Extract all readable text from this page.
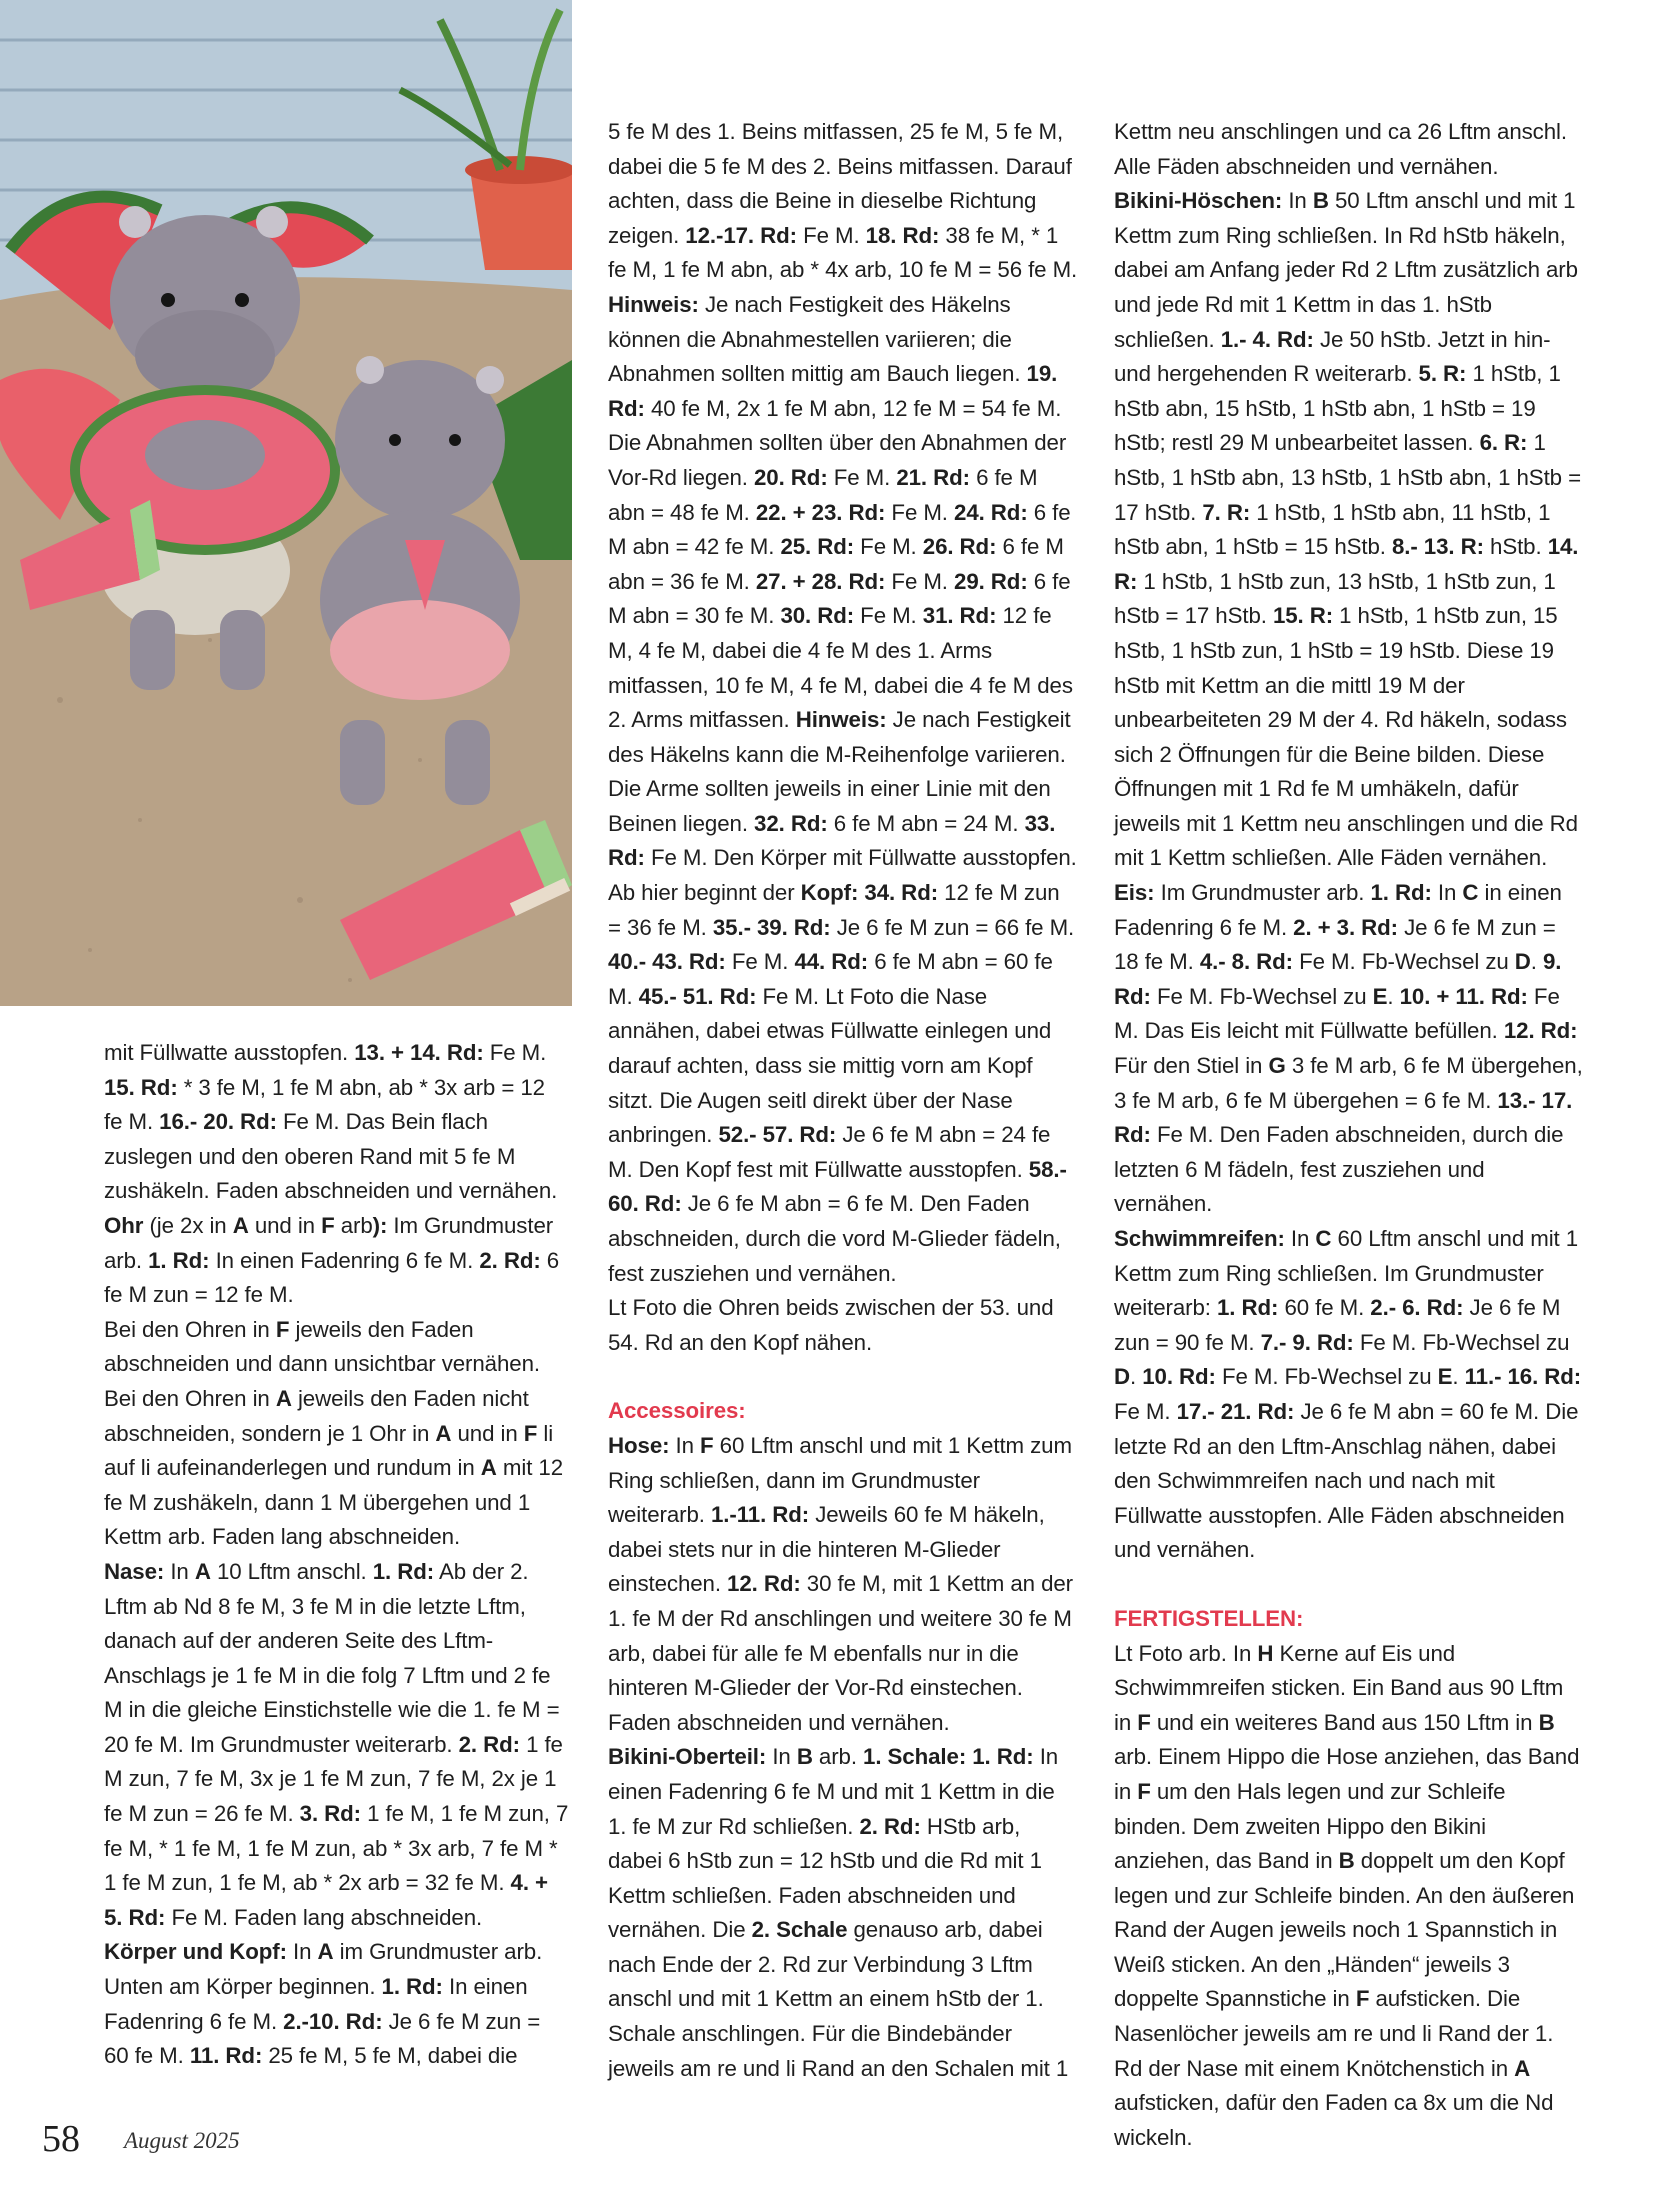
mit Füllwatte ausstopfen. 13. + 14. Rd: Fe M. 15. Rd: * 3 fe M, 1 fe M abn, ab * 3x arb = 12 fe M. 16.- 20. Rd: Fe M. Das Bein flach zuslegen und den oberen Rand mit 5 fe M zushäkeln. Faden abschneiden und vernähen.

Ohr (je 2x in A und in F arb): Im Grundmuster arb. 1. Rd: In einen Fadenring 6 fe M. 2. Rd: 6 fe M zun = 12 fe M.

Bei den Ohren in F jeweils den Faden abschneiden und dann unsichtbar vernähen. Bei den Ohren in A jeweils den Faden nicht abschneiden, sondern je 1 Ohr in A und in F li auf li aufeinanderlegen und rundum in A mit 12 fe M zushäkeln, dann 1 M übergehen und 1 Kettm arb. Faden lang abschneiden.

Nase: In A 10 Lftm anschl. 1. Rd: Ab der 2. Lftm ab Nd 8 fe M, 3 fe M in die letzte Lftm, danach auf der anderen Seite des Lftm-Anschlags je 1 fe M in die folg 7 Lftm und 2 fe M in die gleiche Einstichstelle wie die 1. fe M = 20 fe M. Im Grundmuster weiterarb. 2. Rd: 1 fe M zun, 7 fe M, 3x je 1 fe M zun, 7 fe M, 2x je 1 fe M zun = 26 fe M. 3. Rd: 1 fe M, 1 fe M zun, 7 fe M, * 1 fe M, 1 fe M zun, ab * 3x arb, 7 fe M * 1 fe M zun, 1 fe M, ab * 2x arb = 32 fe M. 4. + 5. Rd: Fe M. Faden lang abschneiden.

Körper und Kopf: In A im Grundmuster arb. Unten am Körper beginnen. 1. Rd: In einen Fadenring 6 fe M. 2.-10. Rd: Je 6 fe M zun = 60 fe M. 11. Rd: 25 fe M, 5 fe M, dabei die

5 fe M des 1. Beins mitfassen, 25 fe M, 5 fe M, dabei die 5 fe M des 2. Beins mitfassen. Darauf achten, dass die Beine in dieselbe Richtung zeigen. 12.-17. Rd: Fe M. 18. Rd: 38 fe M, * 1 fe M, 1 fe M abn, ab * 4x arb, 10 fe M = 56 fe M. Hinweis: Je nach Festigkeit des Häkelns können die Abnahmestellen variieren; die Abnahmen sollten mittig am Bauch liegen. 19. Rd: 40 fe M, 2x 1 fe M abn, 12 fe M = 54 fe M. Die Abnahmen sollten über den Abnahmen der Vor-Rd liegen. 20. Rd: Fe M. 21. Rd: 6 fe M abn = 48 fe M. 22. + 23. Rd: Fe M. 24. Rd: 6 fe M abn = 42 fe M. 25. Rd: Fe M. 26. Rd: 6 fe M abn = 36 fe M. 27. + 28. Rd: Fe M. 29. Rd: 6 fe M abn = 30 fe M. 30. Rd: Fe M. 31. Rd: 12 fe M, 4 fe M, dabei die 4 fe M des 1. Arms mitfassen, 10 fe M, 4 fe M, dabei die 4 fe M des 2. Arms mitfassen. Hinweis: Je nach Festigkeit des Häkelns kann die M-Reihenfolge variieren. Die Arme sollten jeweils in einer Linie mit den Beinen liegen. 32. Rd: 6 fe M abn = 24 M. 33. Rd: Fe M. Den Körper mit Füllwatte ausstopfen. Ab hier beginnt der Kopf: 34. Rd: 12 fe M zun = 36 fe M. 35.- 39. Rd: Je 6 fe M zun = 66 fe M. 40.- 43. Rd: Fe M. 44. Rd: 6 fe M abn = 60 fe M. 45.- 51. Rd: Fe M. Lt Foto die Nase annähen, dabei etwas Füllwatte einlegen und darauf achten, dass sie mittig vorn am Kopf sitzt. Die Augen seitl direkt über der Nase anbringen. 52.- 57. Rd: Je 6 fe M abn = 24 fe M. Den Kopf fest mit Füllwatte ausstopfen. 58.- 60. Rd: Je 6 fe M abn = 6 fe M. Den Faden abschneiden, durch die vord M-Glieder fädeln, fest zusziehen und vernähen.

Lt Foto die Ohren beids zwischen der 53. und 54. Rd an den Kopf nähen.

Accessoires:

Hose: In F 60 Lftm anschl und mit 1 Kettm zum Ring schließen, dann im Grundmuster weiterarb. 1.-11. Rd: Jeweils 60 fe M häkeln, dabei stets nur in die hinteren M-Glieder einstechen. 12. Rd: 30 fe M, mit 1 Kettm an der 1. fe M der Rd anschlingen und weitere 30 fe M arb, dabei für alle fe M ebenfalls nur in die hinteren M-Glieder der Vor-Rd einstechen. Faden abschneiden und vernähen.

Bikini-Oberteil: In B arb. 1. Schale: 1. Rd: In einen Fadenring 6 fe M und mit 1 Kettm in die 1. fe M zur Rd schließen. 2. Rd: HStb arb, dabei 6 hStb zun = 12 hStb und die Rd mit 1 Kettm schließen. Faden abschneiden und vernähen. Die 2. Schale genauso arb, dabei nach Ende der 2. Rd zur Verbindung 3 Lftm anschl und mit 1 Kettm an einem hStb der 1. Schale anschlingen. Für die Bindebänder jeweils am re und li Rand an den Schalen mit 1

Kettm neu anschlingen und ca 26 Lftm anschl. Alle Fäden abschneiden und vernähen.

Bikini-Höschen: In B 50 Lftm anschl und mit 1 Kettm zum Ring schließen. In Rd hStb häkeln, dabei am Anfang jeder Rd 2 Lftm zusätzlich arb und jede Rd mit 1 Kettm in das 1. hStb schließen. 1.- 4. Rd: Je 50 hStb. Jetzt in hin- und hergehenden R weiterarb. 5. R: 1 hStb, 1 hStb abn, 15 hStb, 1 hStb abn, 1 hStb = 19 hStb; restl 29 M unbearbeitet lassen. 6. R: 1 hStb, 1 hStb abn, 13 hStb, 1 hStb abn, 1 hStb = 17 hStb. 7. R: 1 hStb, 1 hStb abn, 11 hStb, 1 hStb abn, 1 hStb = 15 hStb. 8.- 13. R: hStb. 14. R: 1 hStb, 1 hStb zun, 13 hStb, 1 hStb zun, 1 hStb = 17 hStb. 15. R: 1 hStb, 1 hStb zun, 15 hStb, 1 hStb zun, 1 hStb = 19 hStb. Diese 19 hStb mit Kettm an die mittl 19 M der unbearbeiteten 29 M der 4. Rd häkeln, sodass sich 2 Öffnungen für die Beine bilden. Diese Öffnungen mit 1 Rd fe M umhäkeln, dafür jeweils mit 1 Kettm neu anschlingen und die Rd mit 1 Kettm schließen. Alle Fäden vernähen.

Eis: Im Grundmuster arb. 1. Rd: In C in einen Fadenring 6 fe M. 2. + 3. Rd: Je 6 fe M zun = 18 fe M. 4.- 8. Rd: Fe M. Fb-Wechsel zu D. 9. Rd: Fe M. Fb-Wechsel zu E. 10. + 11. Rd: Fe M. Das Eis leicht mit Füllwatte befüllen. 12. Rd: Für den Stiel in G 3 fe M arb, 6 fe M übergehen, 3 fe M arb, 6 fe M übergehen = 6 fe M. 13.- 17. Rd: Fe M. Den Faden abschneiden, durch die letzten 6 M fädeln, fest zusziehen und vernähen.

Schwimmreifen: In C 60 Lftm anschl und mit 1 Kettm zum Ring schließen. Im Grundmuster weiterarb: 1. Rd: 60 fe M. 2.- 6. Rd: Je 6 fe M zun = 90 fe M. 7.- 9. Rd: Fe M. Fb-Wechsel zu D. 10. Rd: Fe M. Fb-Wechsel zu E. 11.- 16. Rd: Fe M. 17.- 21. Rd: Je 6 fe M abn = 60 fe M. Die letzte Rd an den Lftm-Anschlag nähen, dabei den Schwimmreifen nach und nach mit Füllwatte ausstopfen. Alle Fäden abschneiden und vernähen.

FERTIGSTELLEN:

Lt Foto arb. In H Kerne auf Eis und Schwimmreifen sticken. Ein Band aus 90 Lftm in F und ein weiteres Band aus 150 Lftm in B arb. Einem Hippo die Hose anziehen, das Band in F um den Hals legen und zur Schleife binden. Dem zweiten Hippo den Bikini anziehen, das Band in B doppelt um den Kopf legen und zur Schleife binden. An den äußeren Rand der Augen jeweils noch 1 Spannstich in Weiß sticken. An den „Händen“ jeweils 3 doppelte Spannstiche in F aufsticken. Die Nasenlöcher jeweils am re und li Rand der 1. Rd der Nase mit einem Knötchenstich in A aufsticken, dafür den Faden ca 8x um die Nd wickeln.

58 August 2025
